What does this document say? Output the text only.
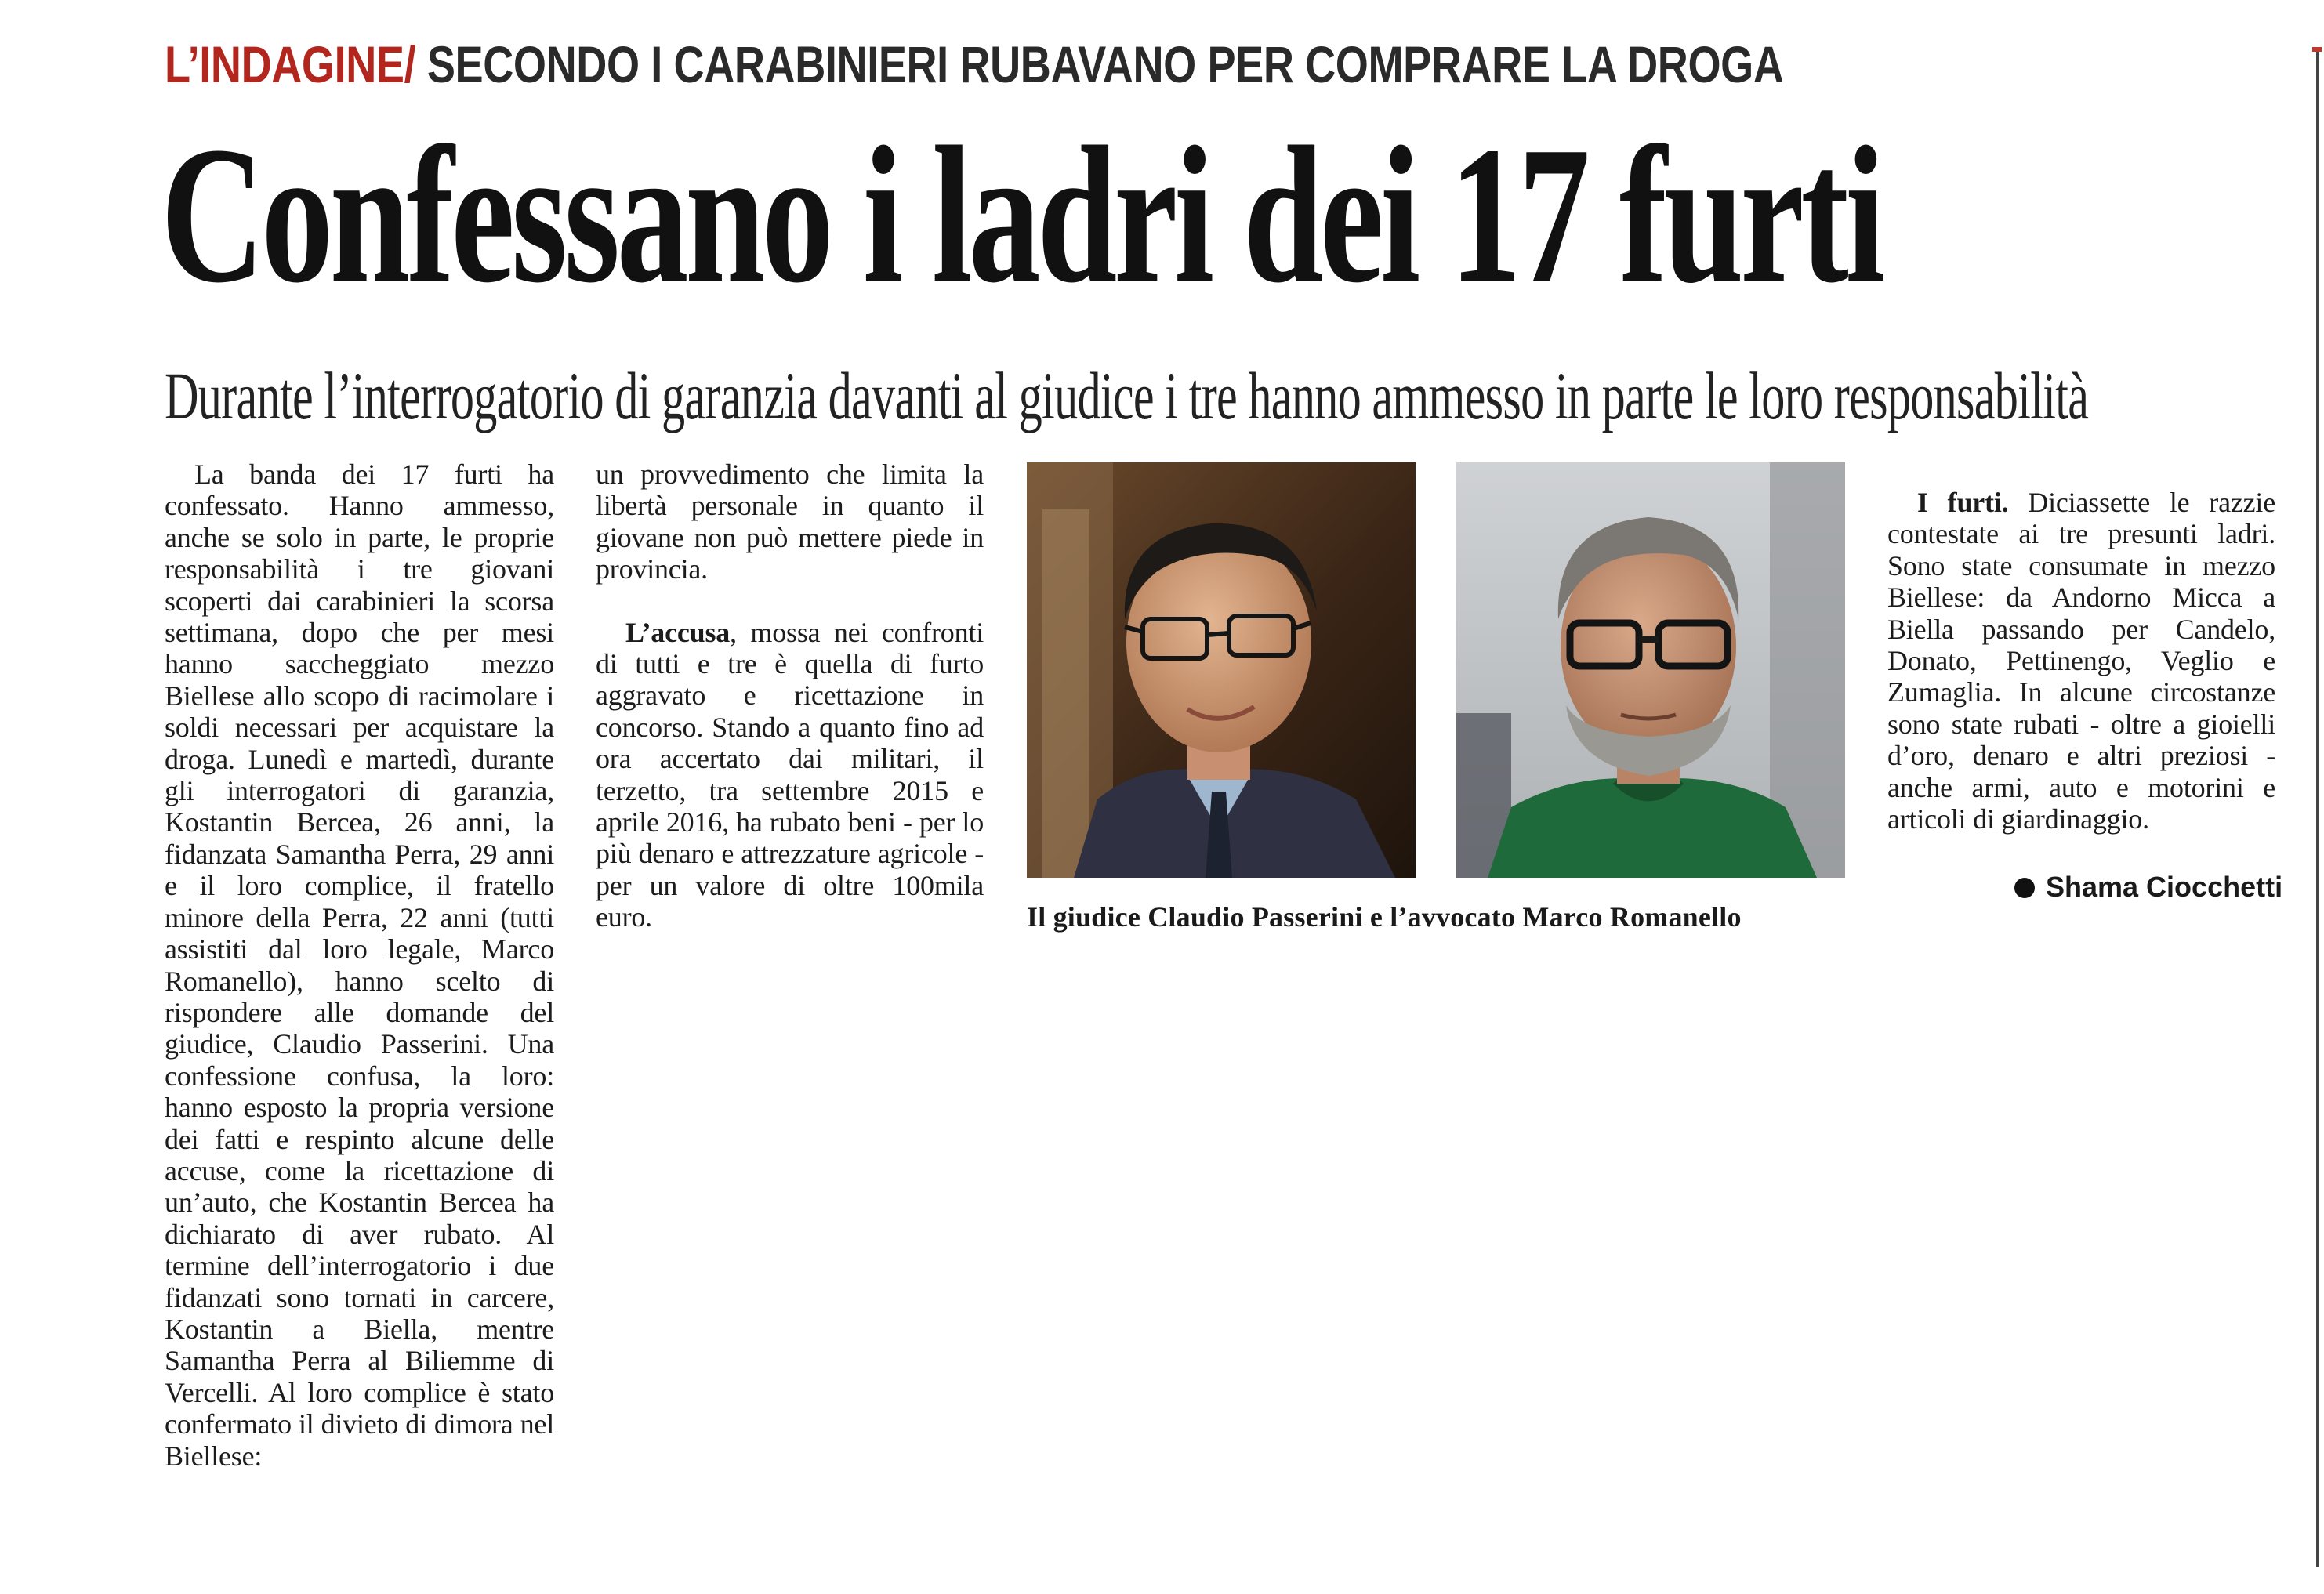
L’INDAGINE/ SECONDO I CARABINIERI RUBAVANO PER COMPRARE LA DROGA
Confessano i ladri dei 17 furti
Durante l’interrogatorio di garanzia davanti al giudice i tre hanno ammesso in parte le loro responsabilità

La banda dei 17 furti ha confessato. Hanno ammesso, anche se solo in parte, le proprie responsabilità i tre giovani scoperti dai carabinieri la scorsa settimana, dopo che per mesi hanno saccheggiato mezzo Biellese allo scopo di racimolare i soldi necessari per acquistare la droga. Lunedì e martedì, durante gli interrogatori di garanzia, Kostantin Bercea, 26 anni, la fidanzata Samantha Perra, 29 anni e il loro complice, il fratello minore della Perra, 22 anni (tutti assistiti dal loro legale, Marco Romanello), hanno scelto di rispondere alle domande del giudice, Claudio Passerini. Una confessione confusa, la loro: hanno esposto la propria versione dei fatti e respinto alcune delle accuse, come la ricettazione di un’auto, che Kostantin Bercea ha dichiarato di aver rubato. Al termine dell’interrogatorio i due fidanzati sono tornati in carcere, Kostantin a Biella, mentre Samantha Perra al Biliemme di Vercelli. Al loro complice è stato confermato il divieto di dimora nel Biellese:

un provvedimento che limita la libertà personale in quanto il giovane non può mettere piede in provincia.

L’accusa, mossa nei confronti di tutti e tre è quella di furto aggravato e ricettazione in concorso. Stando a quanto fino ad ora accertato dai militari, il terzetto, tra settembre 2015 e aprile 2016, ha rubato beni - per lo più denaro e attrezzature agricole - per un valore di oltre 100mila euro.	Il giudice Claudio Passerini e l’avvocato Marco Romanello

I furti. Diciassette le razzie contestate ai tre presunti ladri. Sono state consumate in mezzo Biellese: da Andorno Micca a Biella passando per Candelo, Donato, Pettinengo, Veglio e Zumaglia. In alcune circostanze sono state rubati - oltre a gioielli d’oro, denaro e altri preziosi - anche armi, auto e motorini e articoli di giardinaggio.

Shama Ciocchetti
